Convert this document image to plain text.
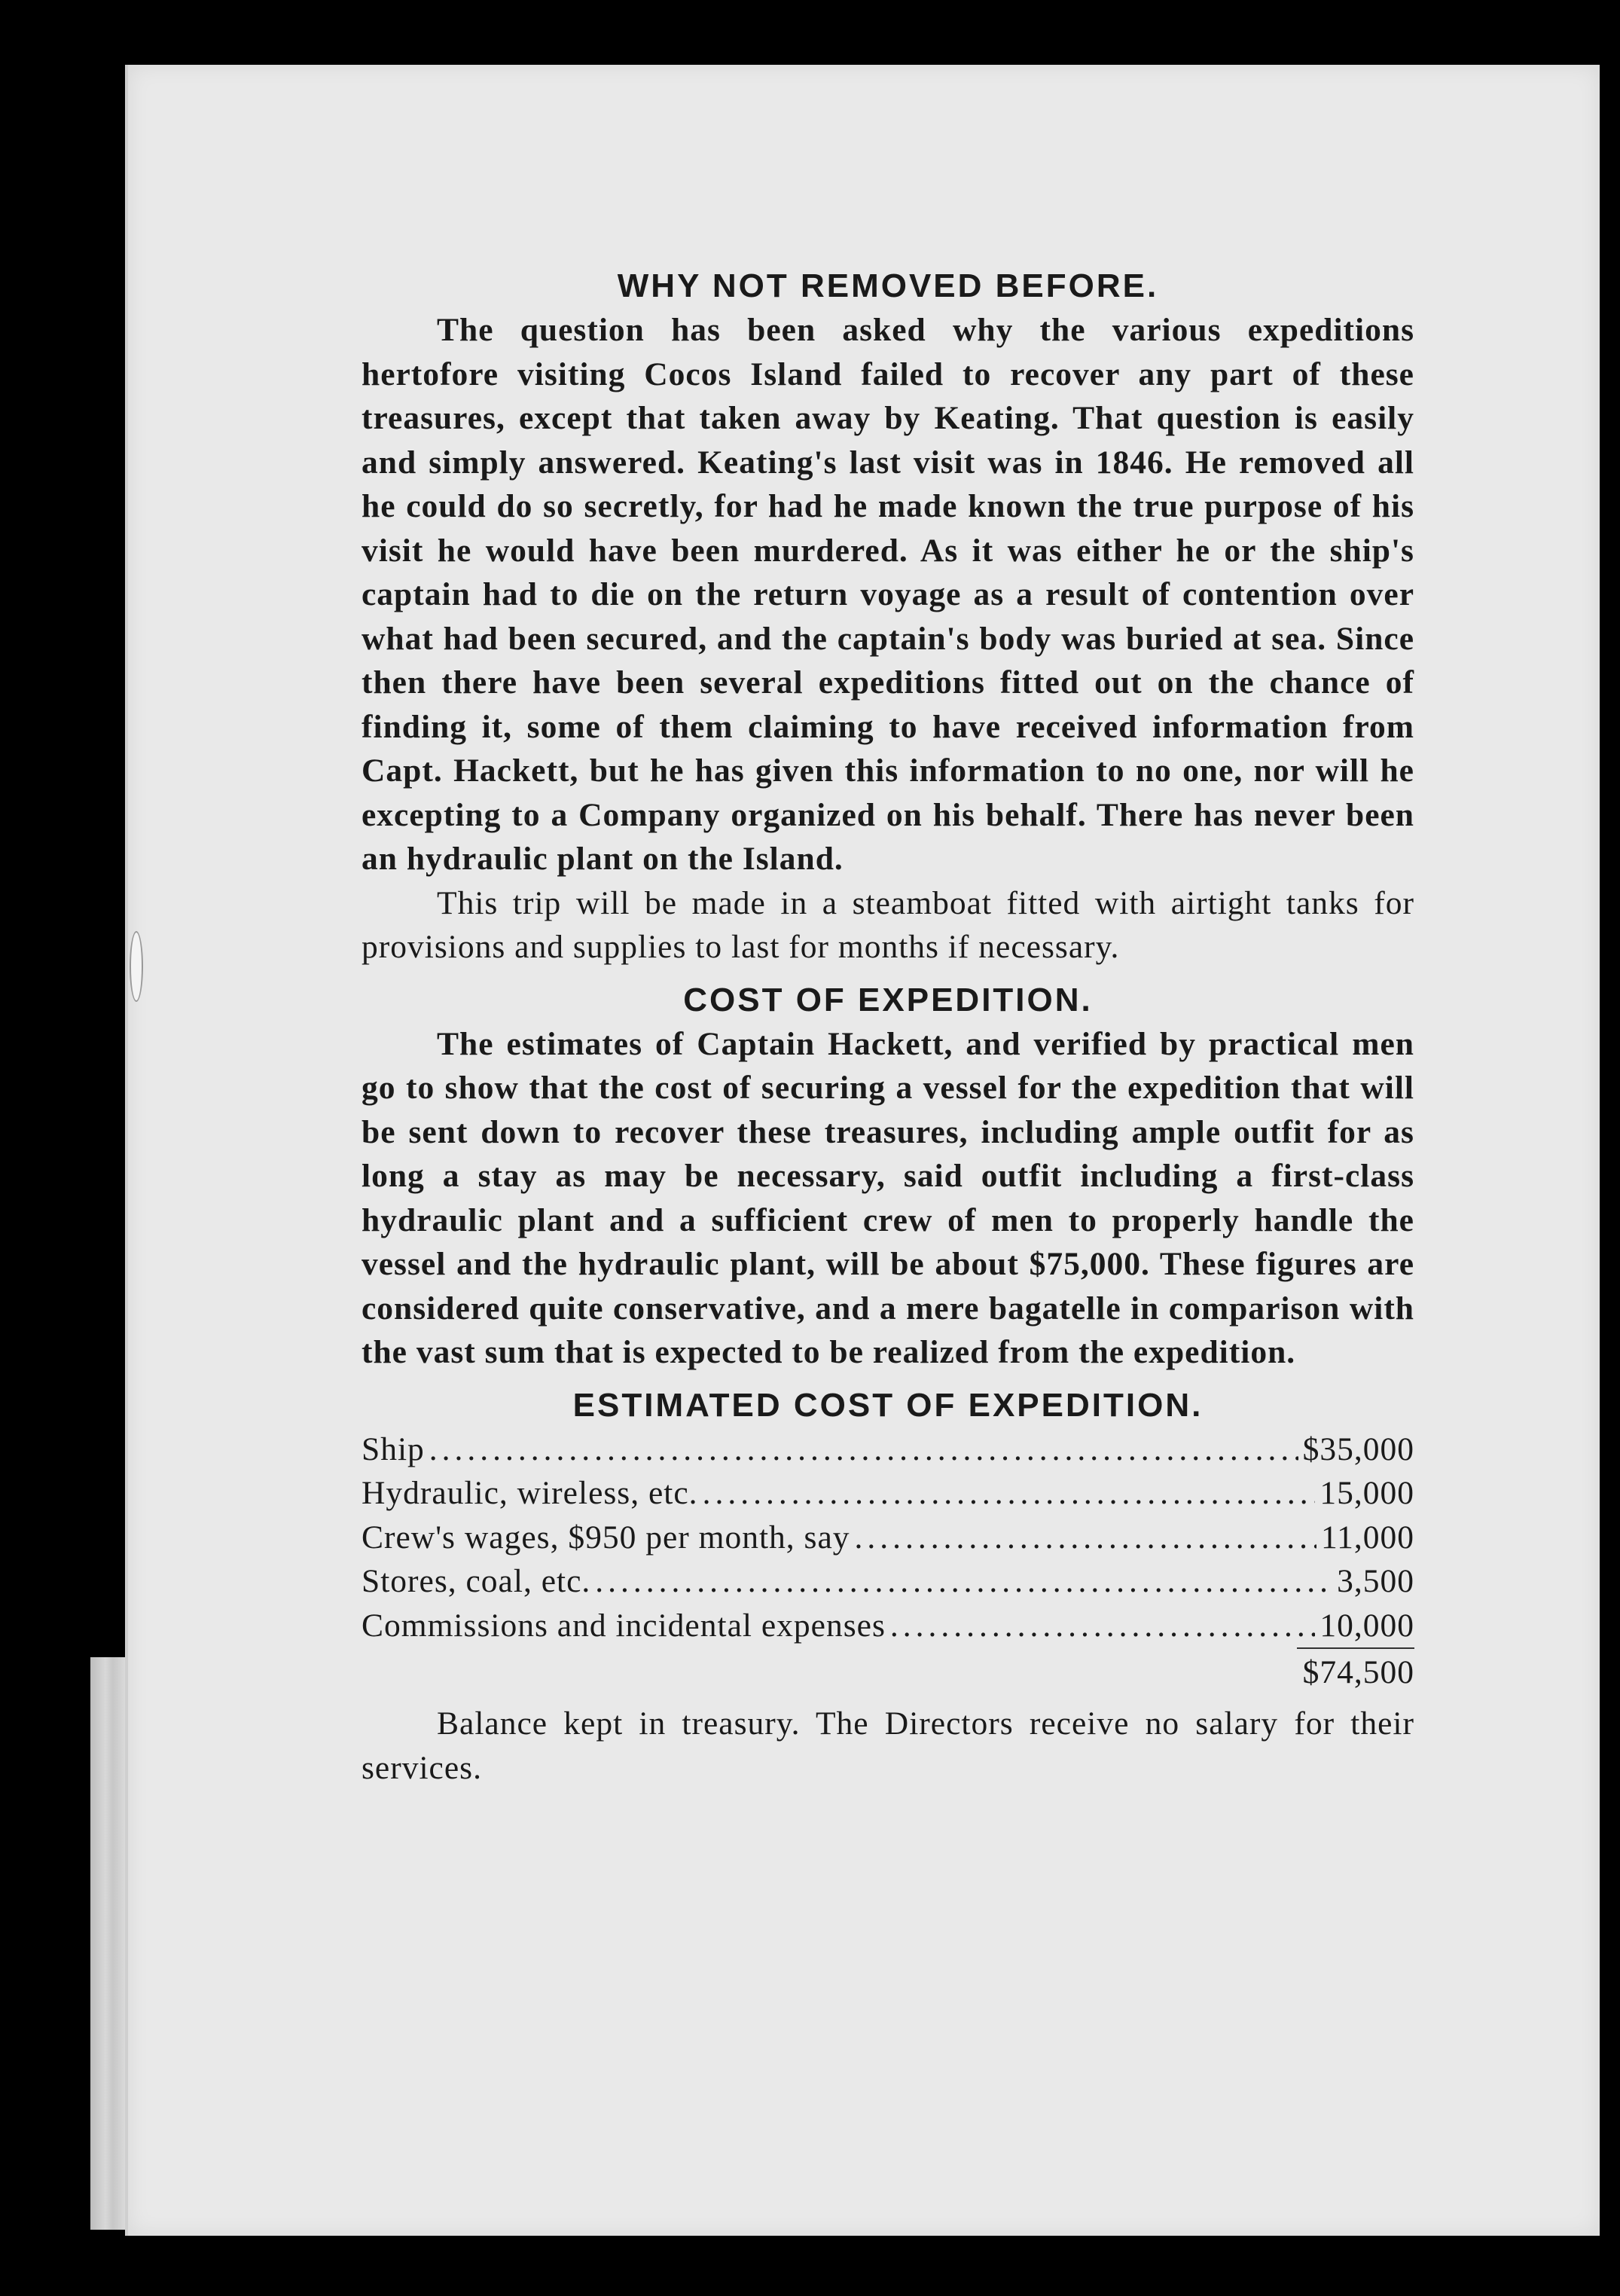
WHY NOT REMOVED BEFORE.

The question has been asked why the various expeditions hertofore visiting Cocos Island failed to recover any part of these treasures, except that taken away by Keating. That question is easily and simply answered. Keating's last visit was in 1846. He removed all he could do so secretly, for had he made known the true purpose of his visit he would have been murdered. As it was either he or the ship's captain had to die on the return voyage as a result of contention over what had been secured, and the captain's body was buried at sea. Since then there have been several expeditions fitted out on the chance of finding it, some of them claiming to have received information from Capt. Hackett, but he has given this information to no one, nor will he excepting to a Company organized on his behalf. There has never been an hydraulic plant on the Island.

This trip will be made in a steamboat fitted with airtight tanks for provisions and supplies to last for months if necessary.

COST OF EXPEDITION.

The estimates of Captain Hackett, and verified by practical men go to show that the cost of securing a vessel for the expedition that will be sent down to recover these treasures, including ample outfit for as long a stay as may be necessary, said outfit including a first-class hydraulic plant and a sufficient crew of men to properly handle the vessel and the hydraulic plant, will be about $75,000. These figures are considered quite conservative, and a mere bagatelle in comparison with the vast sum that is expected to be realized from the expedition.

ESTIMATED COST OF EXPEDITION.
Ship .....	$35,000
Hydraulic, wireless, etc. .....	15,000
Crew's wages, $950 per month, say .....	11,000
Stores, coal, etc. .....	3,500
Commissions and incidental expenses .....	10,000
$74,500

Balance kept in treasury. The Directors receive no salary for their services.
